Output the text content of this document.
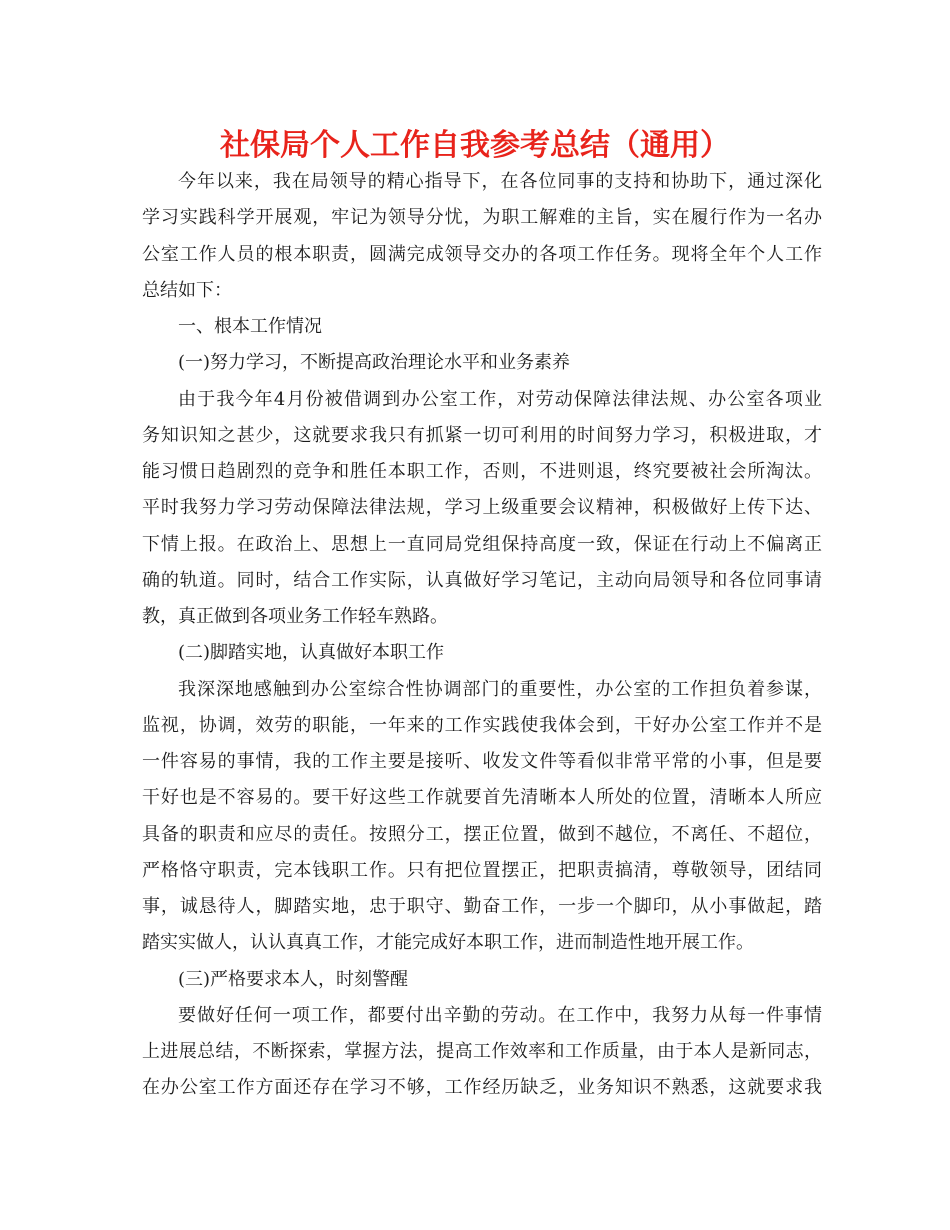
社保局个人工作自我参考总结（通用）

今年以来，我在局领导的精心指导下，在各位同事的支持和协助下，通过深化

学习实践科学开展观，牢记为领导分忧，为职工解难的主旨，实在履行作为一名办

公室工作人员的根本职责，圆满完成领导交办的各项工作任务。现将全年个人工作

总结如下：

一、根本工作情况

(一)努力学习，不断提高政治理论水平和业务素养

由于我今年4月份被借调到办公室工作，对劳动保障法律法规、办公室各项业

务知识知之甚少，这就要求我只有抓紧一切可利用的时间努力学习，积极进取，才

能习惯日趋剧烈的竞争和胜任本职工作，否则，不进则退，终究要被社会所淘汰。

平时我努力学习劳动保障法律法规，学习上级重要会议精神，积极做好上传下达、

下情上报。在政治上、思想上一直同局党组保持高度一致，保证在行动上不偏离正

确的轨道。同时，结合工作实际，认真做好学习笔记，主动向局领导和各位同事请

教，真正做到各项业务工作轻车熟路。

(二)脚踏实地，认真做好本职工作

我深深地感触到办公室综合性协调部门的重要性，办公室的工作担负着参谋，

监视，协调，效劳的职能，一年来的工作实践使我体会到，干好办公室工作并不是

一件容易的事情，我的工作主要是接听、收发文件等看似非常平常的小事，但是要

干好也是不容易的。要干好这些工作就要首先清晰本人所处的位置，清晰本人所应

具备的职责和应尽的责任。按照分工，摆正位置，做到不越位，不离任、不超位，

严格恪守职责，完本钱职工作。只有把位置摆正，把职责搞清，尊敬领导，团结同

事，诚恳待人，脚踏实地，忠于职守、勤奋工作，一步一个脚印，从小事做起，踏

踏实实做人，认认真真工作，才能完成好本职工作，进而制造性地开展工作。

(三)严格要求本人，时刻警醒

要做好任何一项工作，都要付出辛勤的劳动。在工作中，我努力从每一件事情

上进展总结，不断探索，掌握方法，提高工作效率和工作质量，由于本人是新同志，

在办公室工作方面还存在学习不够，工作经历缺乏，业务知识不熟悉，这就要求我
